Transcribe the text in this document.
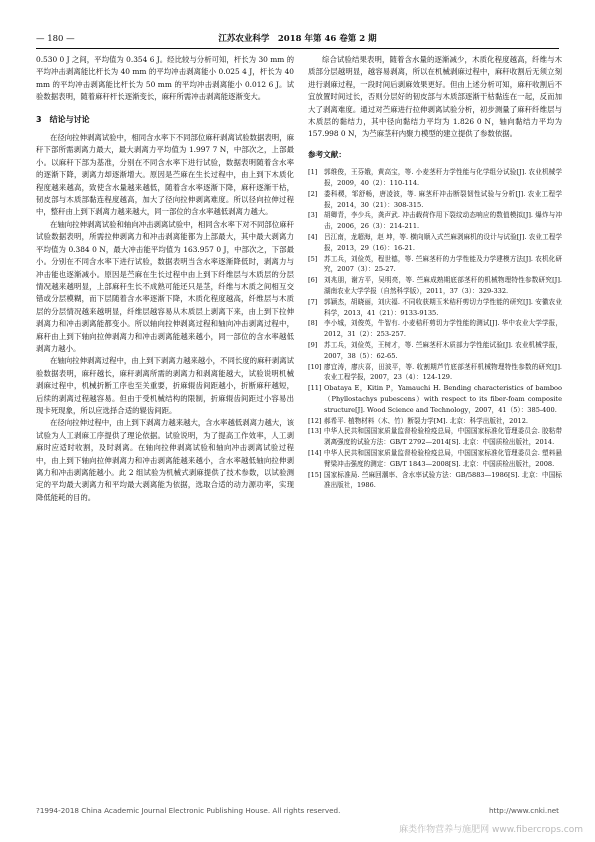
— 180 —	江苏农业科学　2018 年第 46 卷第 2 期

0.530 0 J 之间，平均值为 0.354 6 J。经比较与分析可知，杆长为 30 mm 的平均冲击剥离能比杆长为 40 mm 的平均冲击剥离能小 0.025 4 J，杆长为 40 mm 的平均冲击剥离能比杆长为 50 mm 的平均冲击剥离能小 0.012 6 J。试验数据表明，随着麻秆杆长逐渐变长，麻秆所需冲击剥离能逐渐变大。

3　结论与讨论

在径向拉伸剥离试验中，相同含水率下不同部位麻秆剥离试验数据表明，麻秆下部所需剥离力最大，最大剥离力平均值为 1.997 7 N，中部次之，上部最小。以麻秆下部为基准，分别在不同含水率下进行试验，数据表明随着含水率的逐渐下降，剥离力却逐渐增大。原因是苎麻在生长过程中，由上到下木质化程度越来越高，致使含水量越来越低，随着含水率逐渐下降，麻秆逐渐干枯，韧皮部与木质部黏连程度越高，加大了径向拉伸剥离难度。所以径向拉伸过程中，整秆由上到下剥离力越来越大，同一部位的含水率越低剥离力越大。

在轴向拉伸剥离试验和轴向冲击剥离试验中，相同含水率下对不同部位麻秆试验数据表明，所需拉伸剥离力和冲击剥离能都为上部最大，其中最大剥离力平均值为 0.384 0 N，最大冲击能平均值为 163.957 0 J，中部次之，下部最小。分别在不同含水率下进行试验，数据表明当含水率逐渐降低时，剥离力与冲击能也逐渐减小。原因是苎麻在生长过程中由上到下纤维层与木质层的分层情况越来越明显，上部麻秆生长不成熟可能还只是茎，纤维与木质之间相互交错或分层模糊，而下层随着含水率逐渐下降，木质化程度越高，纤维层与木质层的分层情况越来越明显，纤维层越容易从木质层上剥离下来，由上到下拉伸剥离力和冲击剥离能都变小。所以轴向拉伸剥离过程和轴向冲击剥离过程中，麻秆由上到下轴向拉伸剥离力和冲击剥离能越来越小，同一部位的含水率越低剥离力越小。

在轴向拉伸剥离过程中，由上到下剥离力越来越小，不同长度的麻秆剥离试验数据表明，麻秆越长，麻秆剥离所需的剥离力和剥离能越大，试验说明机械剥麻过程中，机械折断工序也至关重要，折麻辊齿间距越小，折断麻秆越短，后续的剥离过程越容易。但由于受机械结构的限制，折麻辊齿间距过小容易出现卡死现象，所以应选择合适的辊齿间距。

在径向拉伸过程中，由上到下剥离力越来越大，含水率越低剥离力越大，该试验为人工剥麻工序提供了理论依据。试验说明，为了提高工作效率，人工剥麻时应适时收割，及时剥离。在轴向拉伸剥离试验和轴向冲击剥离试验过程中，由上到下轴向拉伸剥离力和冲击剥离能越来越小，含水率越低轴向拉伸剥离力和冲击剥离能越小。此 2 组试验为机械式剥麻提供了技术参数，以试验测定的平均最大剥离力和平均最大剥离能为依据，选取合适的动力源功率，实现降低能耗的目的。

综合试验结果表明，随着含水量的逐渐减少，木质化程度越高，纤维与木质部分层越明显，越容易剥离，所以在机械剥麻过程中，麻秆收割后无须立刻进行剥麻过程，一段时间后剥麻效果更好。但由上述分析可知，麻秆收割后不宜放置时间过长，否则分层好的韧皮部与木质部逐渐干枯黏连在一起，反而加大了剥离难度。通过对苎麻进行拉伸剥离试验分析，初步测量了麻秆纤维层与木质层的黏结力，其中径向黏结力平均为 1.826 0 N，轴向黏结力平均为 157.998 0 N，为苎麻茎秆内聚力模型的建立提供了参数依据。

参考文献：
[1]	郭维俊，王芬娥，黄高宝，等. 小麦茎秆力学性能与化学组分试验[J]. 农业机械学报，2009，40（2）：110-114.
[2]	娄科稷，邹舒畅，唐凌波，等. 麻茎秆冲击断裂韧性试验与分析[J]. 农业工程学报，2014，30（21）：308-315.
[3]	胡卿青，李少兵，龚声武. 冲击载荷作用下裂纹动态响应的数值模拟[J]. 爆炸与冲击，2006，26（3）：214-211.
[4]	吕江南，龙超海，赵 坤，等. 横向顺入式苎麻剥麻机的设计与试验[J]. 农业工程学报，2013，29（16）：16-21.
[5]	苏工兵，刘俭英，程世德，等. 苎麻茎秆的力学性能及力学建模方法[J]. 农机化研究，2007（3）：25-27.
[6]	刘兆朋，谢方平，吴明亮，等. 苎麻成熟期底部茎秆的机械物理特性参数研究[J]. 湖南农业大学学报（自然科学版），2011，37（3）：329-332.
[7]	郭颖杰，胡晓丽，刘庆福. 不同收获期玉米秸秆剪切力学性能的研究[J]. 安徽农业科学，2013，41（21）：9133-9135.
[8]	李小城，刘俊英，牛智有. 小麦秸秆剪切力学性能的测试[J]. 华中农业大学学报，2012，31（2）：253-257.
[9]	苏工兵，刘俭英，王树才，等. 苎麻茎秆木质部力学性能试验[J]. 农业机械学报，2007，38（5）：62-65.
[10] 廖宜涛，廖庆喜，田波平，等. 收割期芦竹底部茎秆机械物理特性参数的研究[J]. 农业工程学报，2007，23（4）：124-129.
[11] Obataya E，Kitin P，Yamauchi H. Bending characteristics of bamboo（Phyllostachys pubescens）with respect to its fiber-foam composite structure[J]. Wood Science and Technology，2007，41（5）：385-400.
[12] 郝希平. 植物材料（木、竹）断裂力学[M]. 北京：科学出版社，2012.
[13] 中华人民共和国国家质量监督检验检疫总局，中国国家标准化管理委员会. 胶粘带剥离强度的试验方法：GB/T 2792—2014[S]. 北京：中国质检出版社，2014.
[14] 中华人民共和国国家质量监督检验检疫总局，中国国家标准化管理委员会. 塑料悬臂梁冲击强度的测定：GB/T 1843—2008[S]. 北京：中国质检出版社，2008.
[15] 国家标准局. 苎麻回潮率、含水率试验方法：GB/5883—1986[S]. 北京：中国标准出版社，1986.
?1994-2018 China Academic Journal Electronic Publishing House. All rights reserved.	http://www.cnki.net
麻类作物营养与施肥网 www.fibercrops.com
